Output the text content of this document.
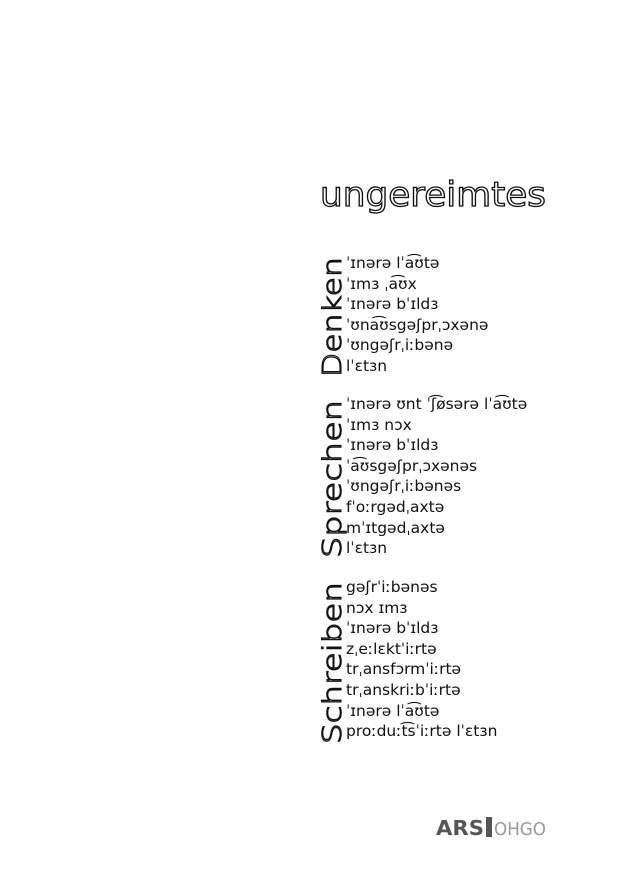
ungereimtes
Denken
ˈɪnərə lˈa͡ʊtə
ˈɪmɜ ˌa͡ʊx
ˈɪnərə bˈɪldɜ
ˈʊna͡ʊsgəʃprˌɔxənə
ˈʊngəʃrˌiːbənə
lˈɛtɜn
Sprechen
ˈɪnərə ʊnt ˈʃ͡øsərə lˈa͡ʊtə
ˈɪmɜ nɔx
ˈɪnərə bˈɪldɜ
ˈa͡ʊsgəʃprˌɔxənəs
ˈʊngəʃrˌiːbənəs
fˈoːrgədˌaxtə
mˈɪtgədˌaxtə
lˈɛtɜn
Schreiben
gəʃrˈiːbənəs
nɔx ɪmɜ
ˈɪnərə bˈɪldɜ
zˌeːlɛktˈiːrtə
trˌansfɔrmˈiːrtə
trˌanskriːbˈiːrtə
ˈɪnərə lˈa͡ʊtə
proːduːt͡sˈiːrtə lˈɛtɜn
ARS OHGO
